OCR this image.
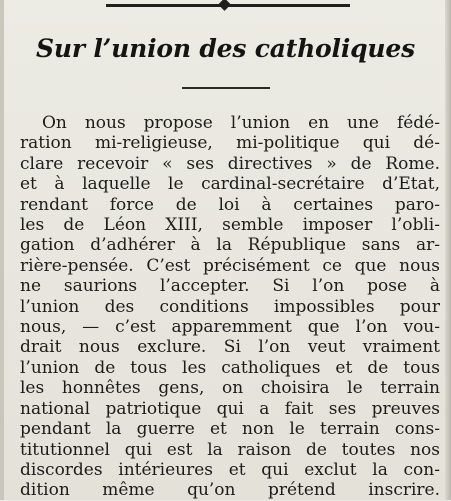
Sur l’union des catholiques
On nous propose l’union en une fédé-
ration mi-religieuse, mi-politique qui dé-
clare recevoir « ses directives » de Rome.
et à laquelle le cardinal-secrétaire d’Etat,
rendant force de loi à certaines paro-
les de Léon XIII, semble imposer l’obli-
gation d’adhérer à la République sans ar-
rière-pensée. C’est précisément ce que nous
ne saurions l’accepter. Si l’on pose à
l’union des conditions impossibles pour
nous, — c’est apparemment que l’on vou-
drait nous exclure. Si l’on veut vraiment
l’union de tous les catholiques et de tous
les honnêtes gens, on choisira le terrain
national patriotique qui a fait ses preuves
pendant la guerre et non le terrain cons-
titutionnel qui est la raison de toutes nos
discordes intérieures et qui exclut la con-
dition même qu’on prétend inscrire.
